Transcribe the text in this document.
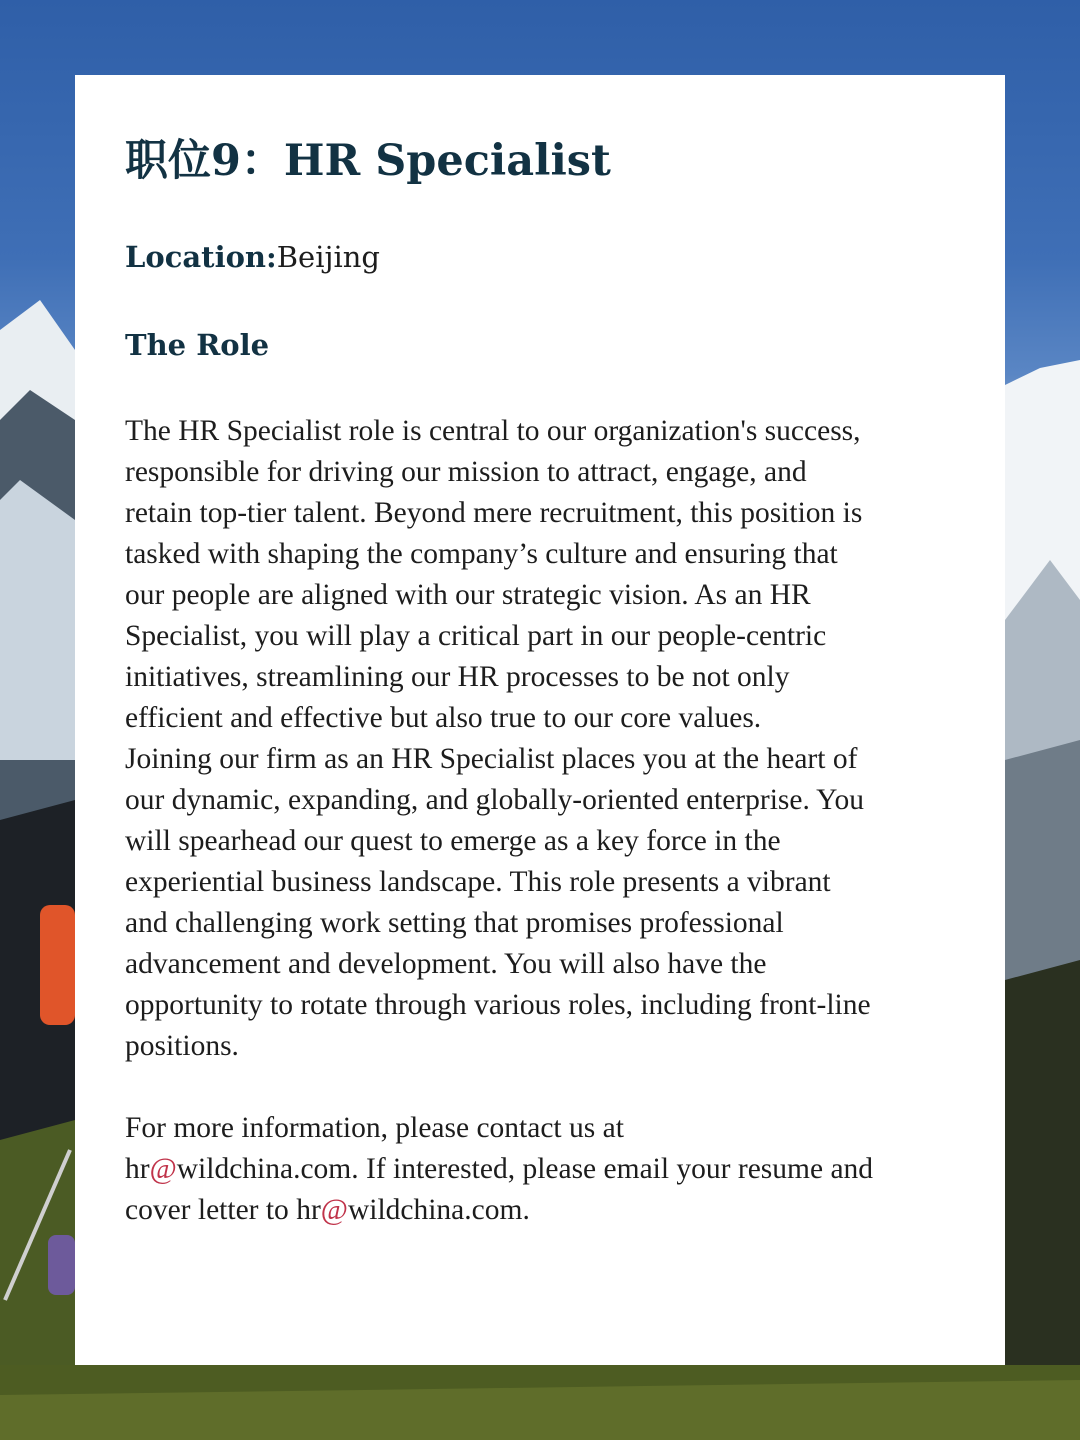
职位9：HR Specialist
Location:Beijing
The Role
The HR Specialist role is central to our organization's success,
responsible for driving our mission to attract, engage, and
retain top-tier talent. Beyond mere recruitment, this position is
tasked with shaping the company’s culture and ensuring that
our people are aligned with our strategic vision. As an HR
Specialist, you will play a critical part in our people-centric
initiatives, streamlining our HR processes to be not only
efficient and effective but also true to our core values.
Joining our firm as an HR Specialist places you at the heart of
our dynamic, expanding, and globally-oriented enterprise. You
will spearhead our quest to emerge as a key force in the
experiential business landscape. This role presents a vibrant
and challenging work setting that promises professional
advancement and development. You will also have the
opportunity to rotate through various roles, including front-line
positions.
For more information, please contact us at
hr@wildchina.com. If interested, please email your resume and
cover letter to hr@wildchina.com.
